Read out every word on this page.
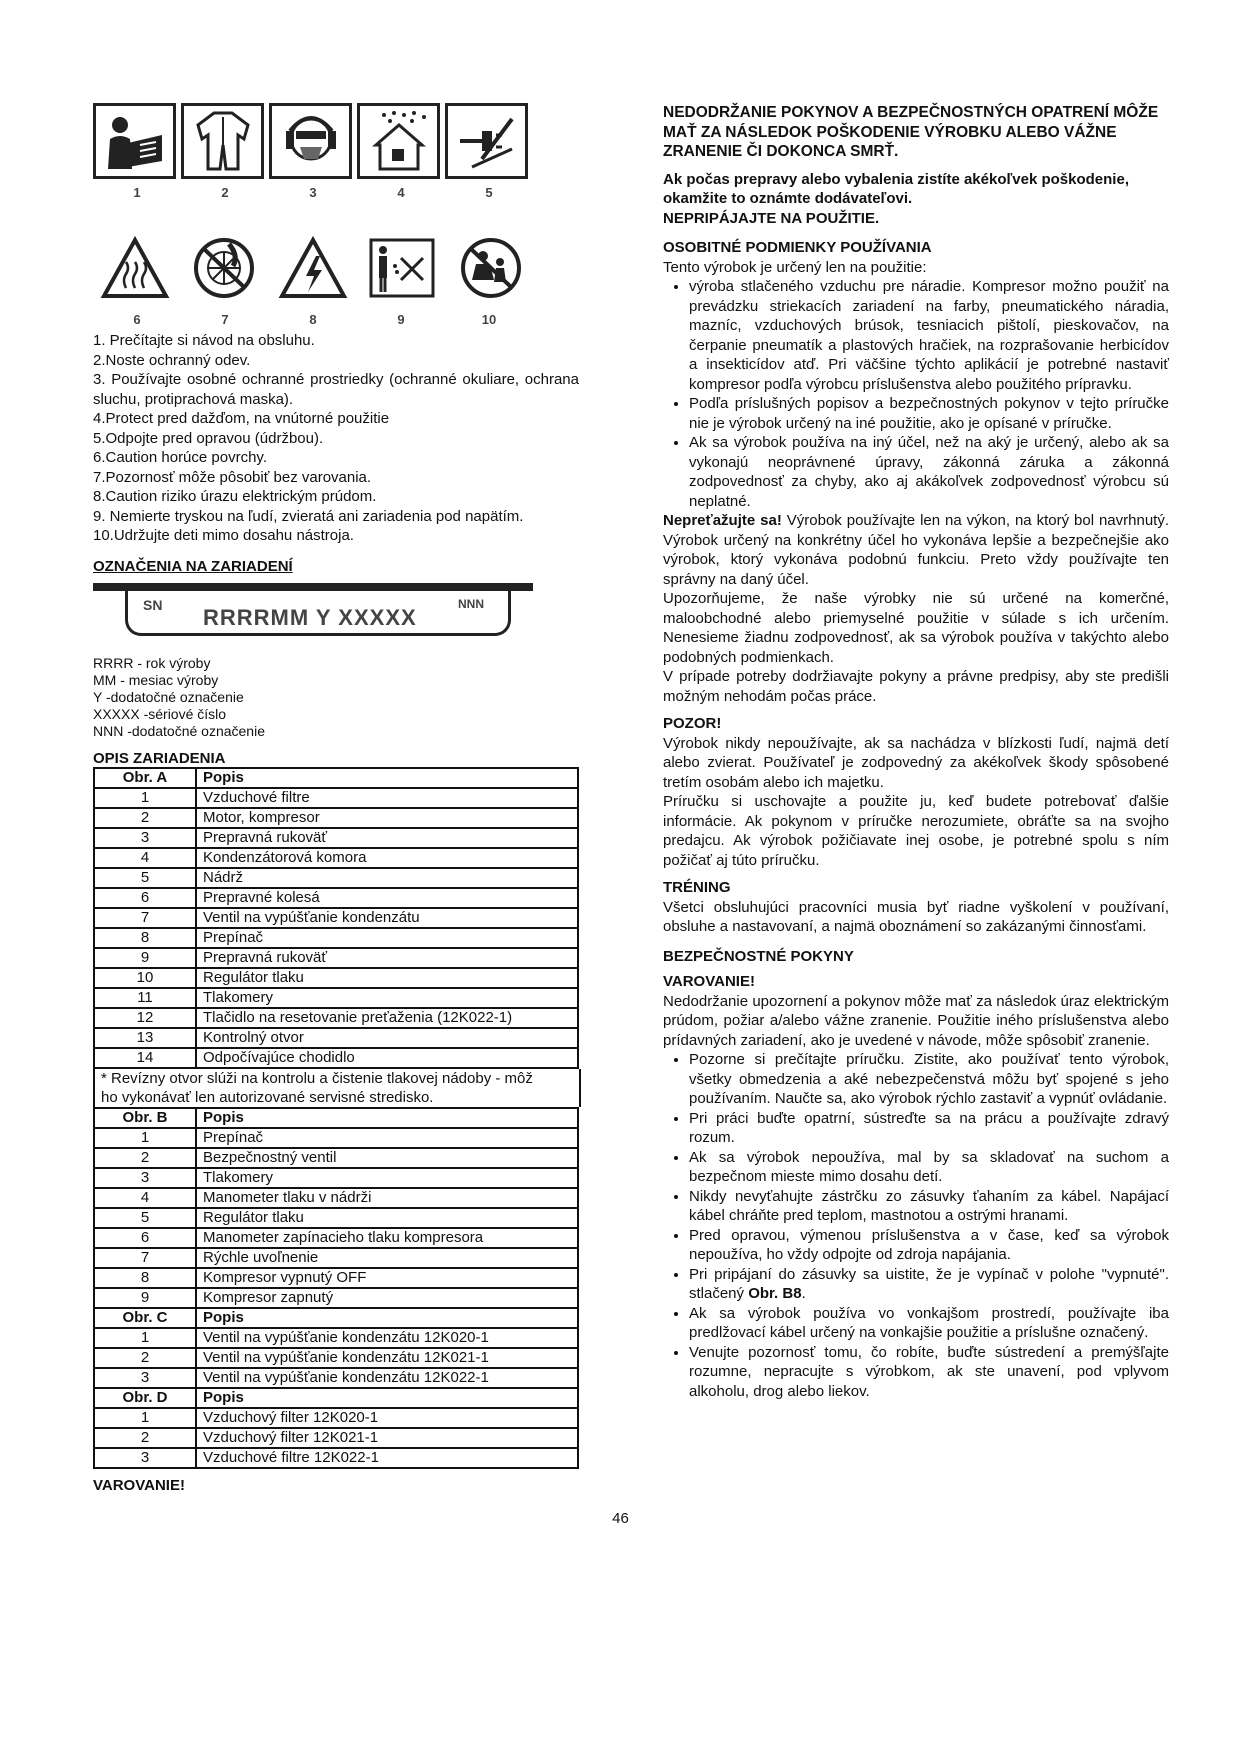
1	2	3	4	5
6	7	8	9	10
1. Prečítajte si návod na obsluhu.
2.Noste ochranný odev.
3. Používajte osobné ochranné prostriedky (ochranné okuliare, ochrana sluchu, protiprachová maska).
4.Protect pred dažďom, na vnútorné použitie
5.Odpojte pred opravou (údržbou).
6.Caution horúce povrchy.
7.Pozornosť môže pôsobiť bez varovania.
8.Caution riziko úrazu elektrickým prúdom.
9. Nemierte tryskou na ľudí, zvieratá ani zariadenia pod napätím.
10.Udržujte deti mimo dosahu nástroja.
OZNAČENIA NA ZARIADENÍ
SN RRRRMM Y XXXXX
NNN
RRRR - rok výroby
MM - mesiac výroby
Y -dodatočné označenie
XXXXX -sériové číslo
NNN -dodatočné označenie
OPIS ZARIADENIA
Obr. A	Popis
1	Vzduchové filtre
2	Motor, kompresor
3	Prepravná rukoväť
4	Kondenzátorová komora
5	Nádrž
6	Prepravné kolesá
7	Ventil na vypúšťanie kondenzátu
8	Prepínač
9	Prepravná rukoväť
10	Regulátor tlaku
11	Tlakomery
12	Tlačidlo na resetovanie preťaženia (12K022-1)
13	Kontrolný otvor
14	Odpočívajúce chodidlo
* Revízny otvor slúži na kontrolu a čistenie tlakovej nádoby - môž
ho vykonávať len autorizované servisné stredisko.
Obr. B	Popis
1	Prepínač
2	Bezpečnostný ventil
3	Tlakomery
4	Manometer tlaku v nádrži
5	Regulátor tlaku
6	Manometer zapínacieho tlaku kompresora
7	Rýchle uvoľnenie
8	Kompresor vypnutý OFF
9	Kompresor zapnutý
Obr. C	Popis
1	Ventil na vypúšťanie kondenzátu 12K020-1
2	Ventil na vypúšťanie kondenzátu 12K021-1
3	Ventil na vypúšťanie kondenzátu 12K022-1
Obr. D	Popis
1	Vzduchový filter 12K020-1
2	Vzduchový filter 12K021-1
3	Vzduchové filtre 12K022-1
VAROVANIE!
NEDODRŽANIE POKYNOV A BEZPEČNOSTNÝCH OPATRENÍ MÔŽE MAŤ ZA NÁSLEDOK POŠKODENIE VÝROBKU ALEBO VÁŽNE ZRANENIE ČI DOKONCA SMRŤ.
Ak počas prepravy alebo vybalenia zistíte akékoľvek poškodenie, okamžite to oznámte dodávateľovi.
NEPRIPÁJAJTE NA POUŽITIE.
OSOBITNÉ PODMIENKY POUŽÍVANIA
Tento výrobok je určený len na použitie:
• výroba stlačeného vzduchu pre náradie. Kompresor možno použiť na prevádzku striekacích zariadení na farby, pneumatického náradia, mazníc, vzduchových brúsok, tesniacich pištolí, pieskovačov, na čerpanie pneumatík a plastových hračiek, na rozprašovanie herbicídov a insekticídov atď. Pri väčšine týchto aplikácií je potrebné nastaviť kompresor podľa výrobcu príslušenstva alebo použitého prípravku.
• Podľa príslušných popisov a bezpečnostných pokynov v tejto príručke nie je výrobok určený na iné použitie, ako je opísané v príručke.
• Ak sa výrobok používa na iný účel, než na aký je určený, alebo ak sa vykonajú neoprávnené úpravy, zákonná záruka a zákonná zodpovednosť za chyby, ako aj akákoľvek zodpovednosť výrobcu sú neplatné.
Nepreťažujte sa! Výrobok používajte len na výkon, na ktorý bol navrhnutý. Výrobok určený na konkrétny účel ho vykonáva lepšie a bezpečnejšie ako výrobok, ktorý vykonáva podobnú funkciu. Preto vždy používajte ten správny na daný účel.
Upozorňujeme, že naše výrobky nie sú určené na komerčné, maloobchodné alebo priemyselné použitie v súlade s ich určením. Nenesieme žiadnu zodpovednosť, ak sa výrobok používa v takýchto alebo podobných podmienkach.
V prípade potreby dodržiavajte pokyny a právne predpisy, aby ste predišli možným nehodám počas práce.
POZOR!
Výrobok nikdy nepoužívajte, ak sa nachádza v blízkosti ľudí, najmä detí alebo zvierat. Používateľ je zodpovedný za akékoľvek škody spôsobené tretím osobám alebo ich majetku.
Príručku si uschovajte a použite ju, keď budete potrebovať ďalšie informácie. Ak pokynom v príručke nerozumiete, obráťte sa na svojho predajcu. Ak výrobok požičiavate inej osobe, je potrebné spolu s ním požičať aj túto príručku.
TRÉNING
Všetci obsluhujúci pracovníci musia byť riadne vyškolení v používaní, obsluhe a nastavovaní, a najmä oboznámení so zakázanými činnosťami.
BEZPEČNOSTNÉ POKYNY
VAROVANIE!
Nedodržanie upozornení a pokynov môže mať za následok úraz elektrickým prúdom, požiar a/alebo vážne zranenie. Použitie iného príslušenstva alebo prídavných zariadení, ako je uvedené v návode, môže spôsobiť zranenie.
• Pozorne si prečítajte príručku. Zistite, ako používať tento výrobok, všetky obmedzenia a aké nebezpečenstvá môžu byť spojené s jeho používaním. Naučte sa, ako výrobok rýchlo zastaviť a vypnúť ovládanie.
• Pri práci buďte opatrní, sústreďte sa na prácu a používajte zdravý rozum.
• Ak sa výrobok nepoužíva, mal by sa skladovať na suchom a bezpečnom mieste mimo dosahu detí.
• Nikdy nevyťahujte zástrčku zo zásuvky ťahaním za kábel. Napájací kábel chráňte pred teplom, mastnotou a ostrými hranami.
• Pred opravou, výmenou príslušenstva a v čase, keď sa výrobok nepoužíva, ho vždy odpojte od zdroja napájania.
• Pri pripájaní do zásuvky sa uistite, že je vypínač v polohe "vypnuté". stlačený Obr. B8.
• Ak sa výrobok používa vo vonkajšom prostredí, používajte iba predlžovací kábel určený na vonkajšie použitie a príslušne označený.
• Venujte pozornosť tomu, čo robíte, buďte sústredení a premýšľajte rozumne, nepracujte s výrobkom, ak ste unavení, pod vplyvom alkoholu, drog alebo liekov.
46
